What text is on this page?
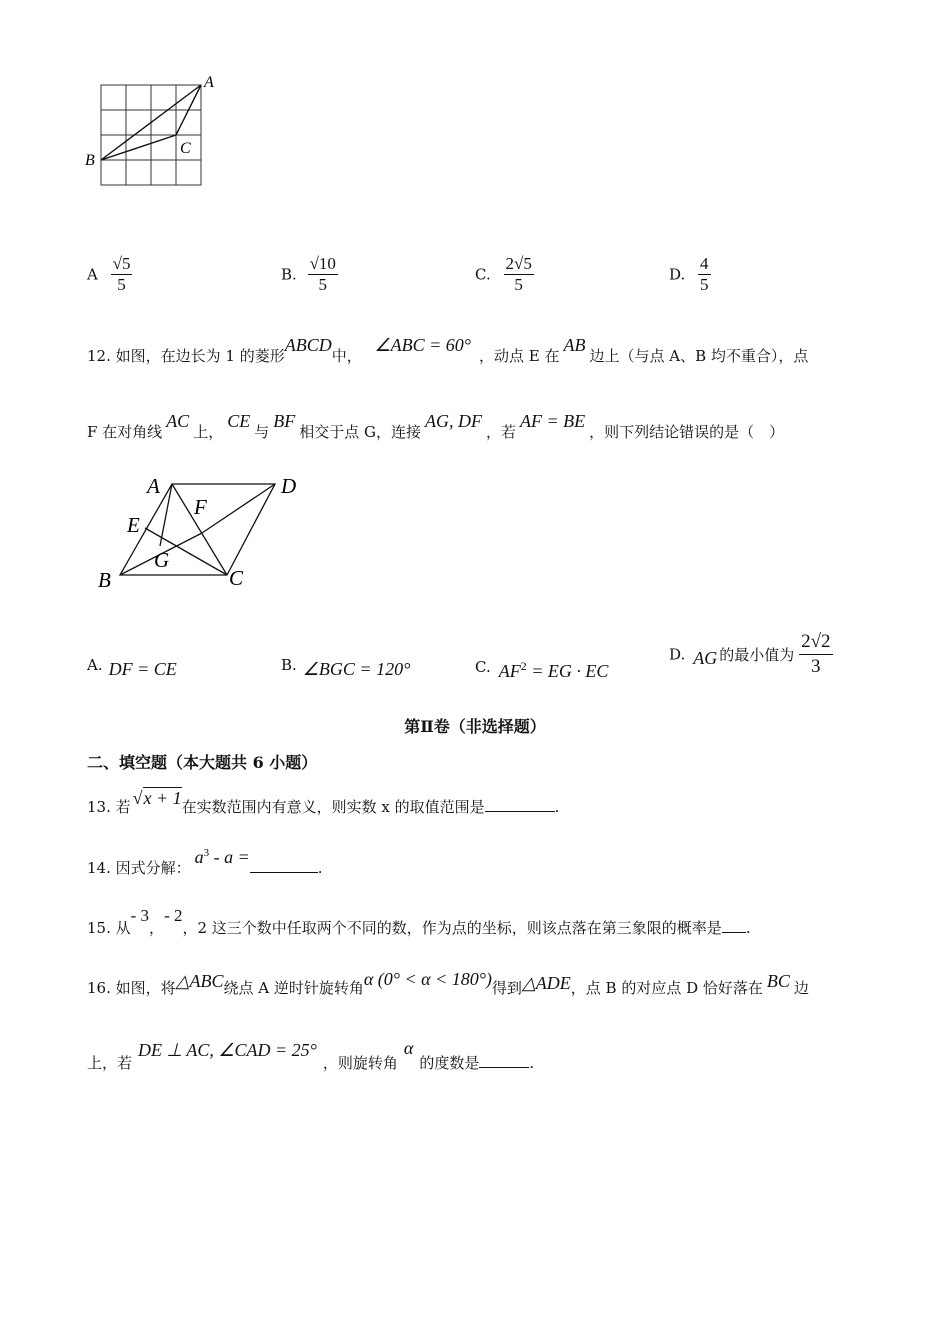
A
B
C
A $\frac{√5}{5}$	B. $\frac{√10}{5}$	C. $\frac{2√5}{5}$	D. $\frac{4}{5}$
12. 如图，在边长为 1 的菱形ABCD中， ∠ABC = 60°，动点 E 在AB边上（与点 A、B 均不重合），点
F 在对角线AC上，CE与BF相交于点 G，连接AG, DF，若AF = BE，则下列结论错误的是（　）
A	D
E
F
G
B	C
A. DF = CE	B. ∠BGC = 120°	C. $AF^2$ = EG · EC
D. AG 的最小值为 $\frac{2√2}{3}$
第Ⅱ卷（非选择题）
二、填空题（本大题共 6 小题）
13. 若 √x + 1在实数范围内有意义，则实数 x 的取值范围是	.
14. 因式分解：$a^3$ - a =.
15. 从- 3，- 2，2 这三个数中任取两个不同的数，作为点的坐标，则该点落在第三象限的概率是 .
16. 如图，将△ABC绕点 A 逆时针旋转角α (0° < α < 180°)得到△ADE，点 B 的对应点 D 恰好落在 BC 边
上，若DE ⊥ AC, ∠CAD = 25°，则旋转角α的度数是	.
